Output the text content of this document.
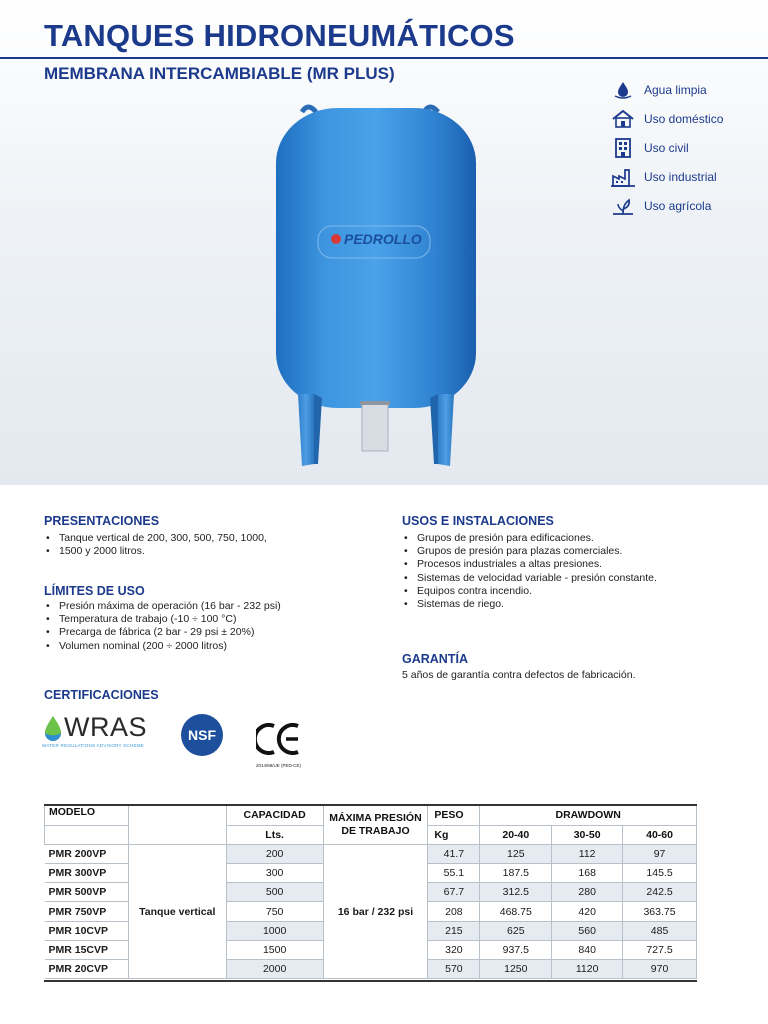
TANQUES HIDRONEUMÁTICOS
MEMBRANA INTERCAMBIABLE (MR PLUS)
PEDROLLO
Agua limpia
Uso doméstico
Uso civil
Uso industrial
Uso agrícola
PRESENTACIONES
• Tanque vertical de 200, 300, 500, 750, 1000,
• 1500 y 2000 litros.
LÍMITES DE USO
• Presión máxima de operación (16 bar - 232 psi)
• Temperatura de trabajo (-10 ÷ 100 °C)
• Precarga de fábrica (2 bar - 29 psi ± 20%)
• Volumen nominal (200 ÷ 2000 litros)
USOS E INSTALACIONES
• Grupos de presión para edificaciones.
• Grupos de presión para plazas comerciales.
• Procesos industriales a altas presiones.
• Sistemas de velocidad variable - presión constante.
• Equipos contra incendio.
• Sistemas de riego.
GARANTÍA
5 años de garantía contra defectos de fabricación.
CERTIFICACIONES
WRAS
WATER REGULATIONS ADVISORY SCHEME
NSF
2014/68/UE (PED-CE)
MODELO		CAPACIDAD	MÁXIMA PRESIÓN DE TRABAJO	PESO	DRAWDOWN		
		Lts.		Kg	20-40	30-50	40-60
PMR 200VP	Tanque vertical	200	16 bar / 232 psi	41.7	125	112	97
PMR 300VP		300		55.1	187.5	168	145.5
PMR 500VP		500		67.7	312.5	280	242.5
PMR 750VP		750		208	468.75	420	363.75
PMR 10CVP		1000		215	625	560	485
PMR 15CVP		1500		320	937.5	840	727.5
PMR 20CVP		2000		570	1250	1120	970
